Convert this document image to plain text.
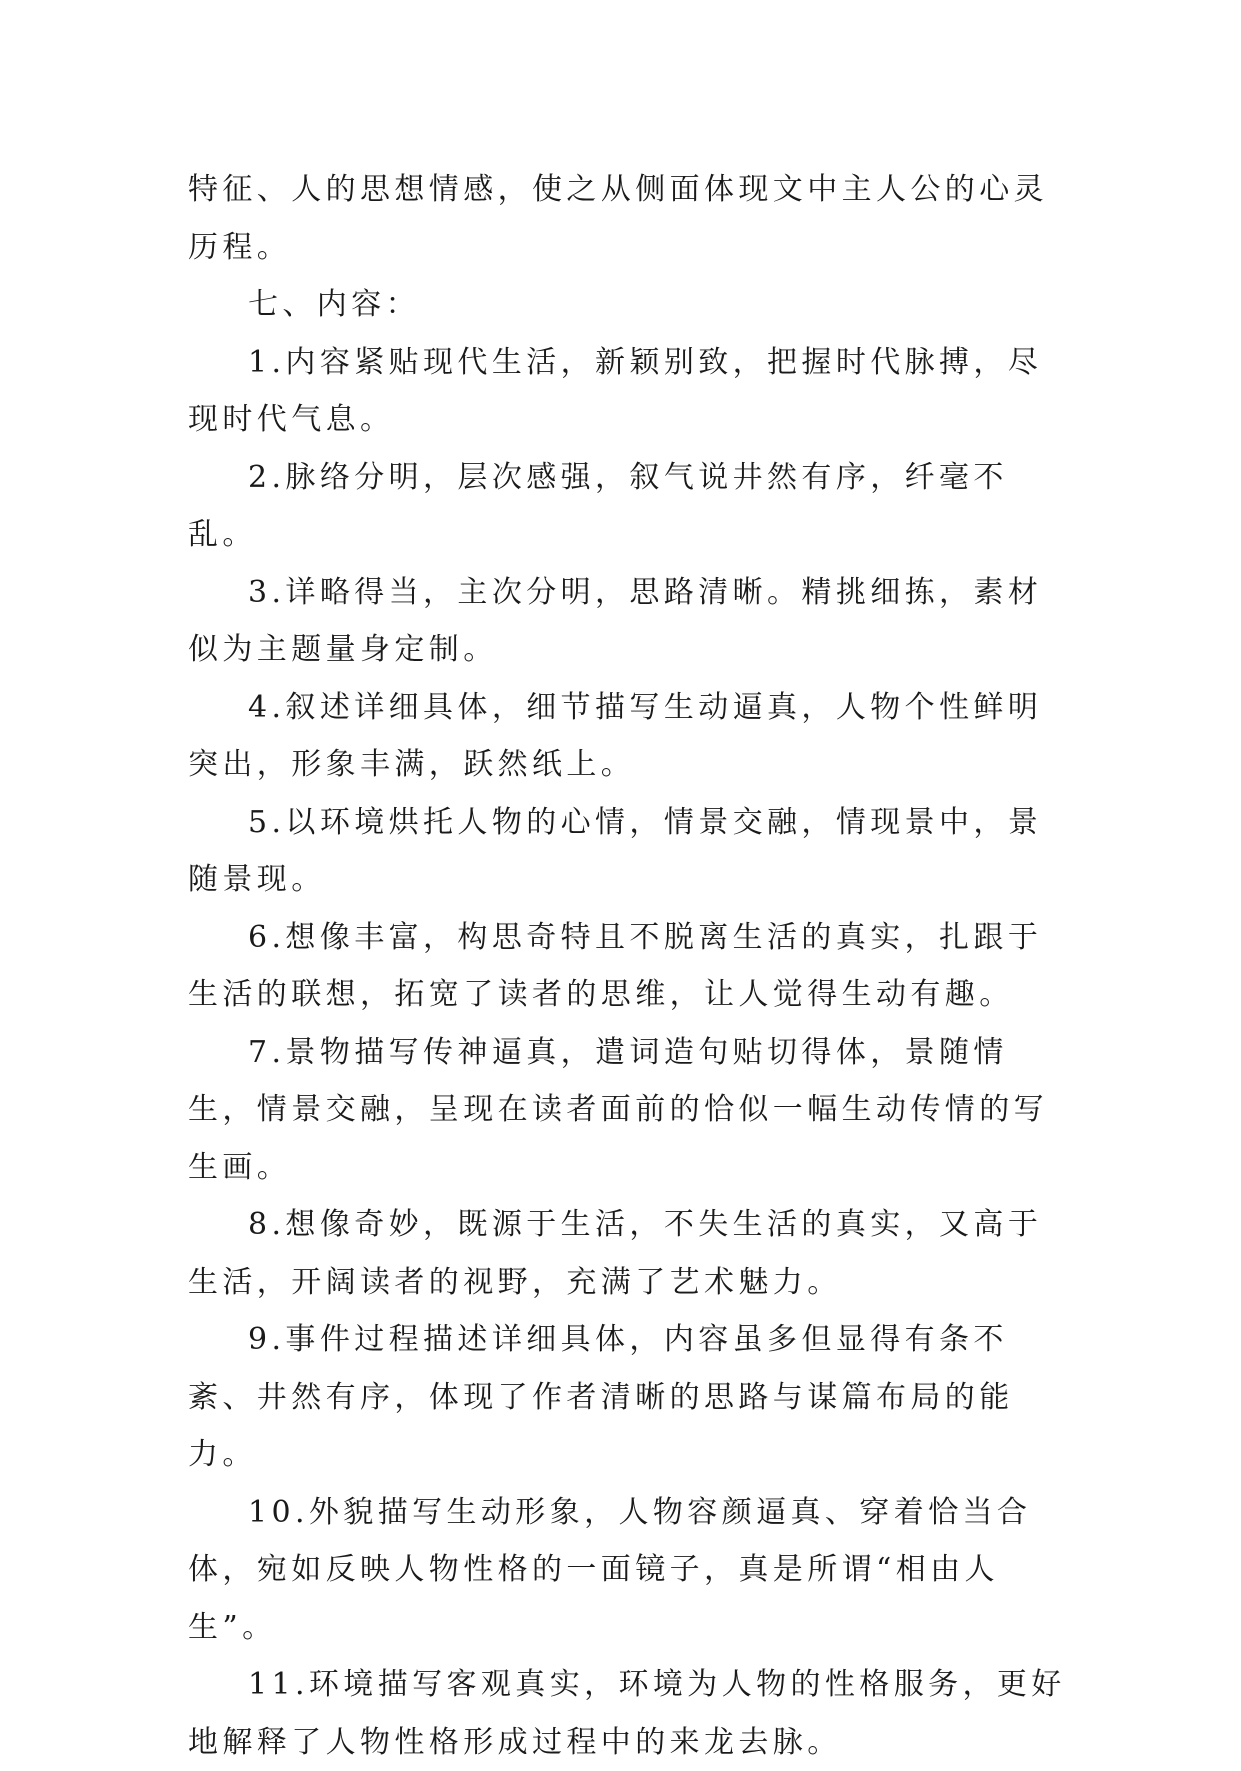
特征、人的思想情感，使之从侧面体现文中主人公的心灵历程。

七、内容：

1.内容紧贴现代生活，新颖别致，把握时代脉搏，尽现时代气息。

2.脉络分明，层次感强，叙气说井然有序，纤毫不乱。

3.详略得当，主次分明，思路清晰。精挑细拣，素材似为主题量身定制。

4.叙述详细具体，细节描写生动逼真，人物个性鲜明突出，形象丰满，跃然纸上。

5.以环境烘托人物的心情，情景交融，情现景中，景随景现。

6.想像丰富，构思奇特且不脱离生活的真实，扎跟于生活的联想，拓宽了读者的思维，让人觉得生动有趣。

7.景物描写传神逼真，遣词造句贴切得体，景随情生，情景交融，呈现在读者面前的恰似一幅生动传情的写生画。

8.想像奇妙，既源于生活，不失生活的真实，又高于生活，开阔读者的视野，充满了艺术魅力。

9.事件过程描述详细具体，内容虽多但显得有条不紊、井然有序，体现了作者清晰的思路与谋篇布局的能力。

10.外貌描写生动形象，人物容颜逼真、穿着恰当合体，宛如反映人物性格的一面镜子，真是所谓“相由人生”。

11.环境描写客观真实，环境为人物的性格服务，更好地解释了人物性格形成过程中的来龙去脉。
